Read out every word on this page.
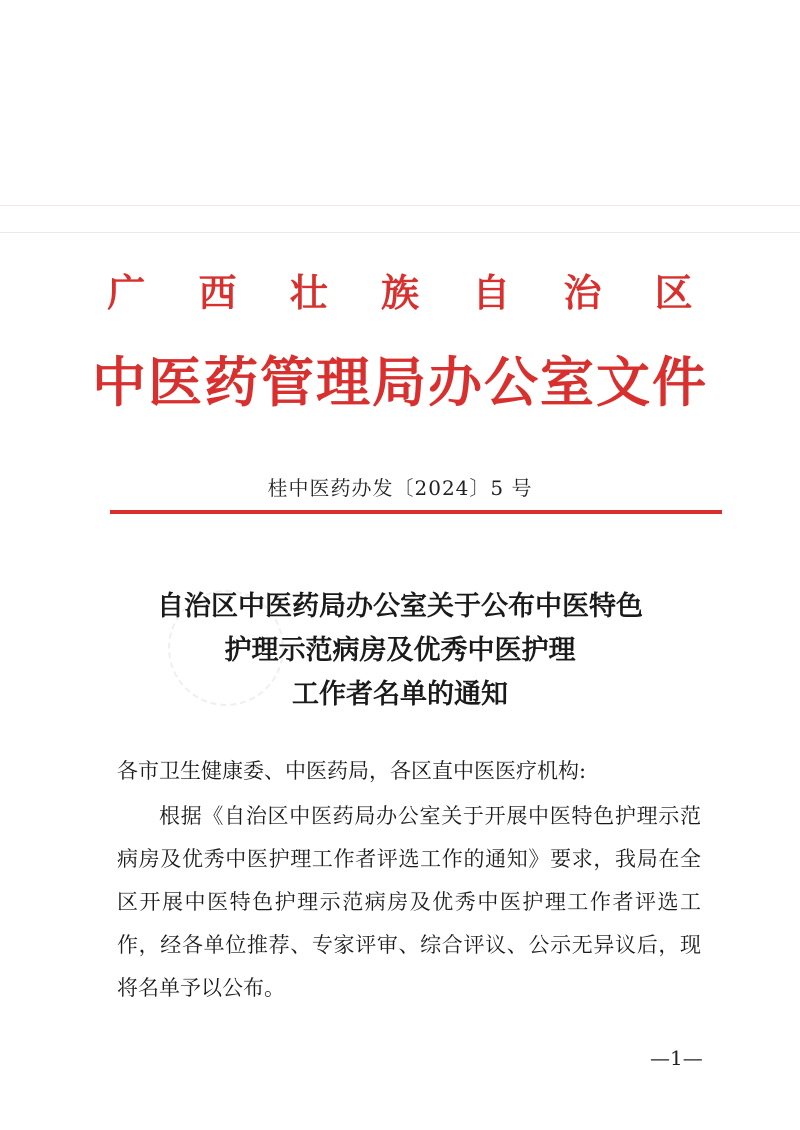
广 西 壮 族 自 治 区
中医药管理局办公室文件
桂中医药办发〔2024〕5 号
自治区中医药局办公室关于公布中医特色
护理示范病房及优秀中医护理
工作者名单的通知
各市卫生健康委、中医药局，各区直中医医疗机构:
根据《自治区中医药局办公室关于开展中医特色护理示范
病房及优秀中医护理工作者评选工作的通知》要求，我局在全
区开展中医特色护理示范病房及优秀中医护理工作者评选工
作，经各单位推荐、专家评审、综合评议、公示无异议后，现
将名单予以公布。
—1—
